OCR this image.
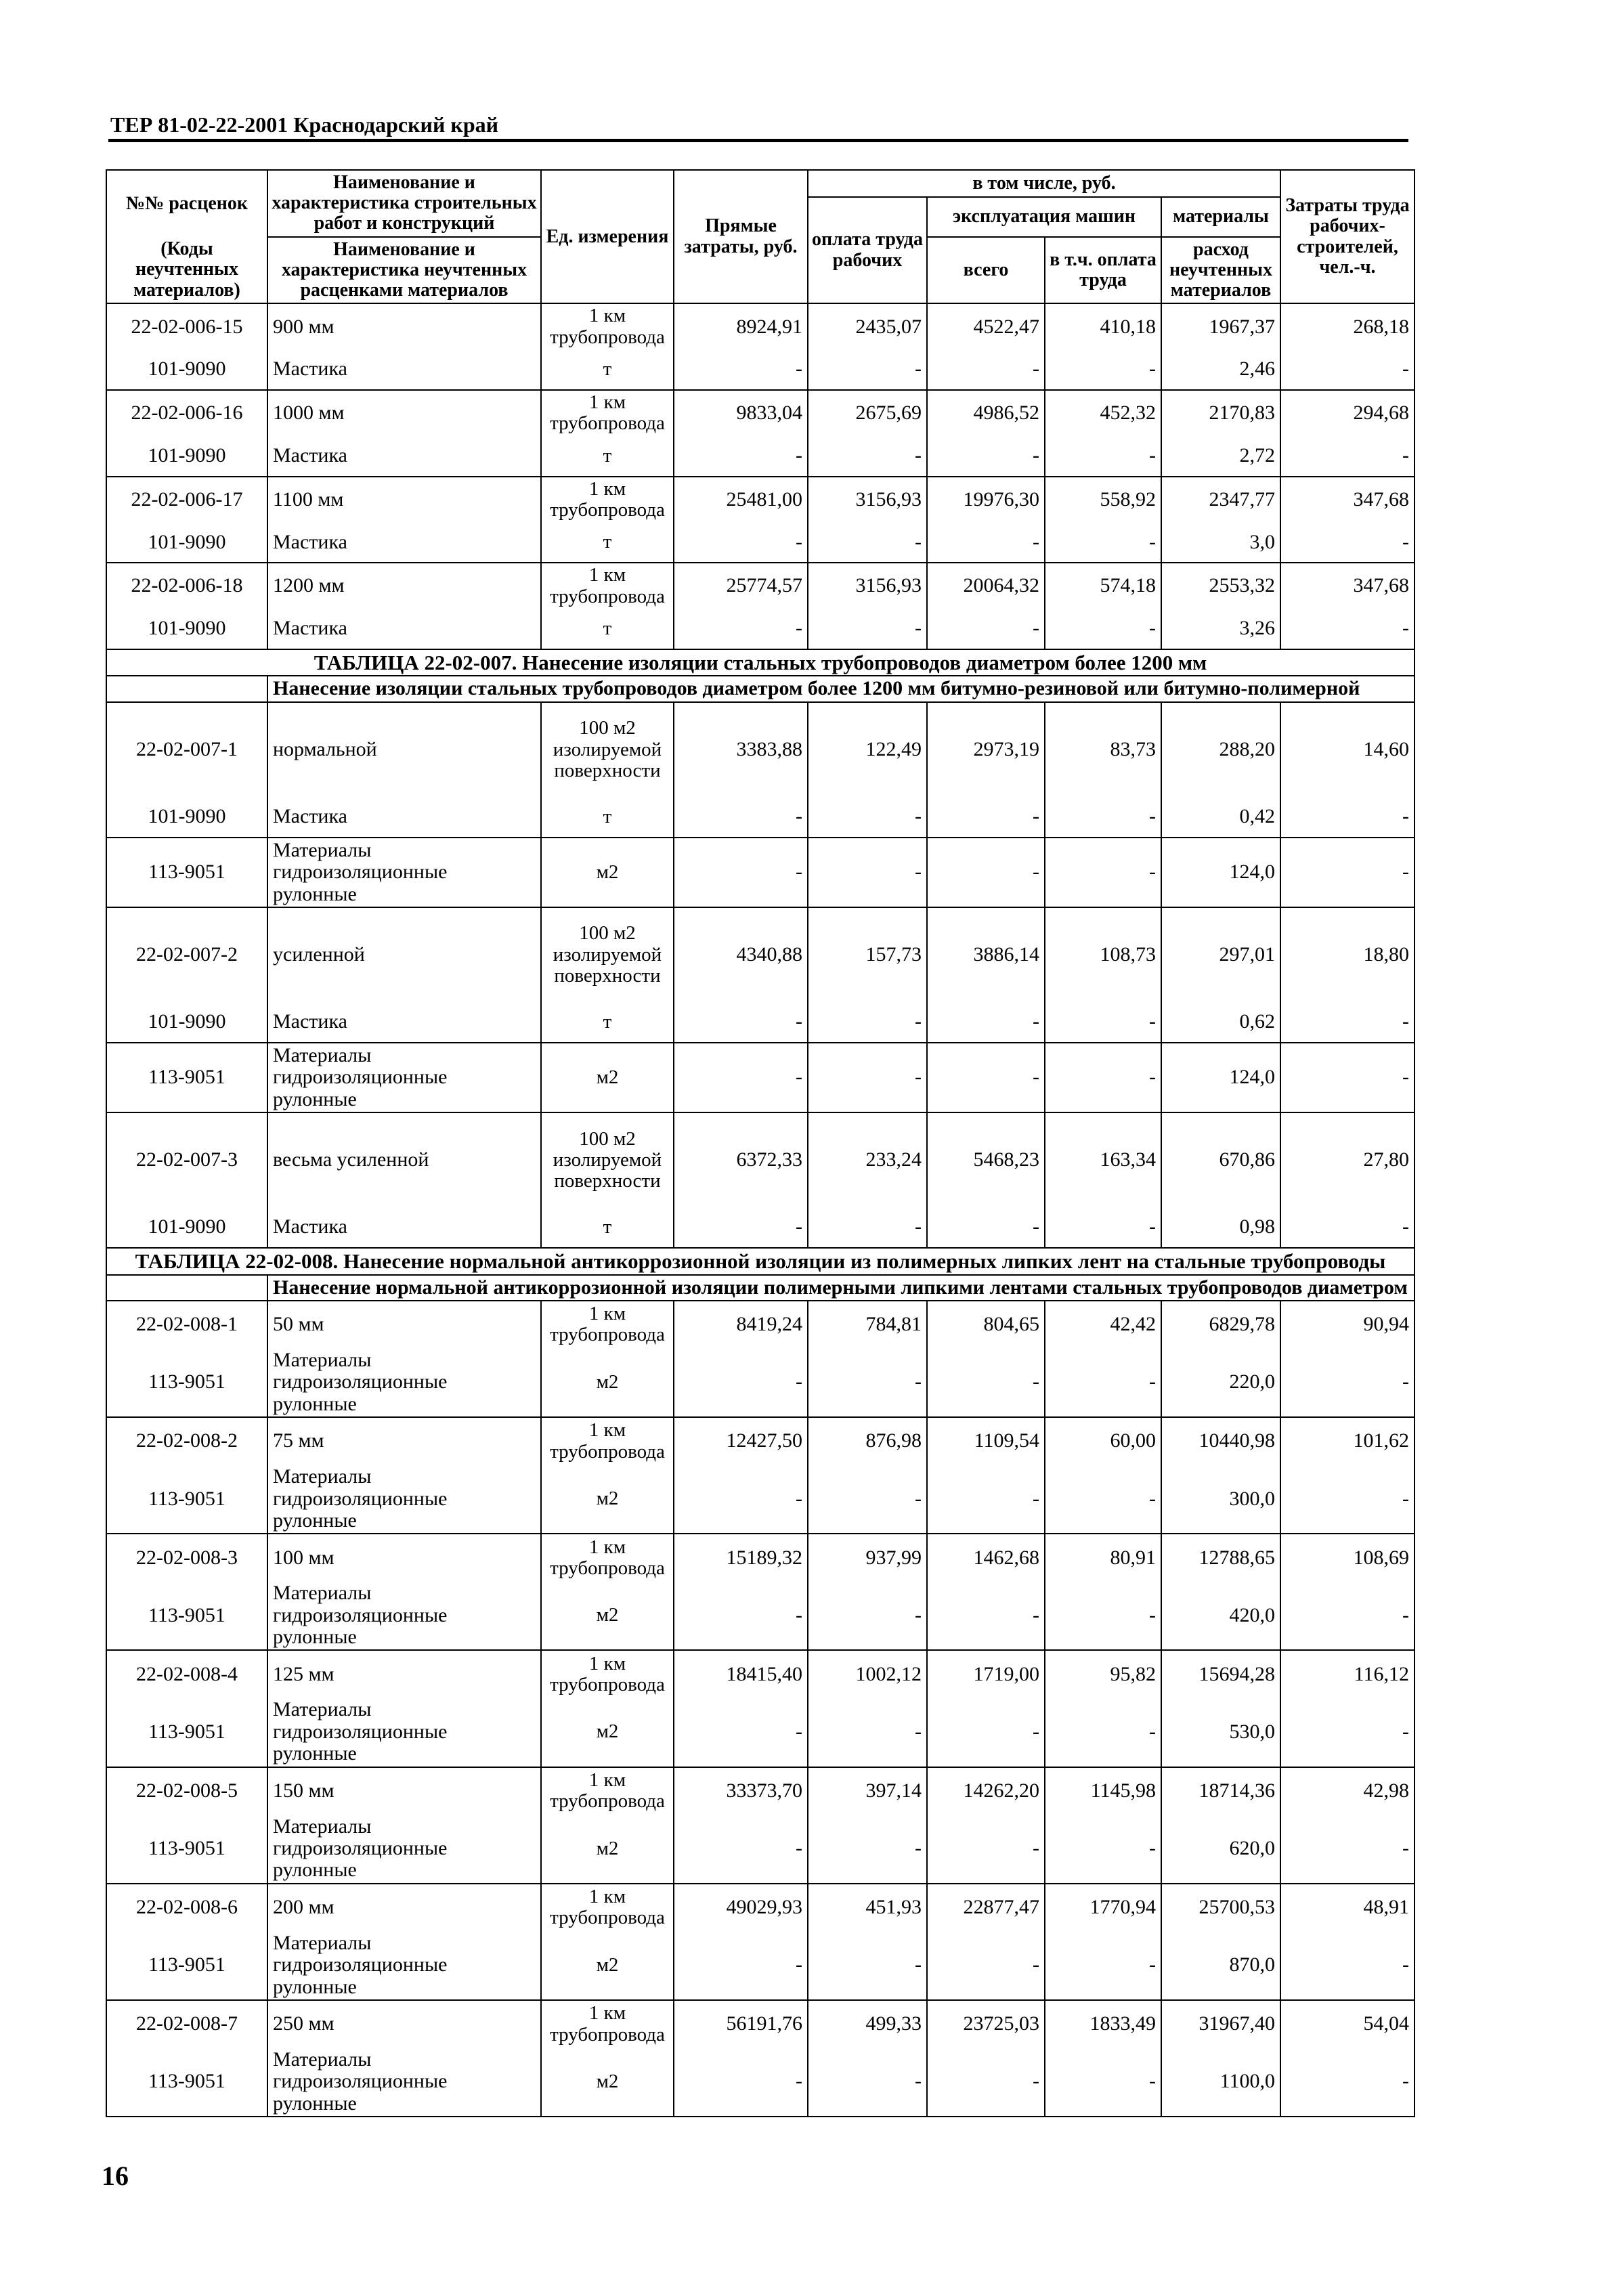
ТЕР 81-02-22-2001 Краснодарский край
№№ расценок	Наименование и характеристика строительных работ и конструкций	Ед. измерения	Прямые затраты, руб.	в том числе, руб.				Затраты труда рабочих-строителей, чел.-ч.
				оплата труда рабочих	эксплуатация машин		материалы	
(Коды неучтенных материалов)	Наименование и характеристика неучтенных расценками материалов				всего	в т.ч. оплата труда	расход неучтенных материалов	

22-02-006-15	900 мм	1 км трубопровода	8924,91	2435,07	4522,47	410,18	1967,37	268,18
101-9090	Мастика	т	-	-	-	-	2,46	-
22-02-006-16	1000 мм	1 км трубопровода	9833,04	2675,69	4986,52	452,32	2170,83	294,68
101-9090	Мастика	т	-	-	-	-	2,72	-
22-02-006-17	1100 мм	1 км трубопровода	25481,00	3156,93	19976,30	558,92	2347,77	347,68
101-9090	Мастика	т	-	-	-	-	3,0	-
22-02-006-18	1200 мм	1 км трубопровода	25774,57	3156,93	20064,32	574,18	2553,32	347,68
101-9090	Мастика	т	-	-	-	-	3,26	-
ТАБЛИЦА 22-02-007. Нанесение изоляции стальных трубопроводов диаметром более 1200 мм								
	Нанесение изоляции стальных трубопроводов диаметром более 1200 мм битумно-резиновой или битумно-полимерной							
22-02-007-1	нормальной	100 м2 изолируемой поверхности	3383,88	122,49	2973,19	83,73	288,20	14,60
101-9090	Мастика	т	-	-	-	-	0,42	-
113-9051	Материалы гидроизоляционные рулонные	м2	-	-	-	-	124,0	-
22-02-007-2	усиленной	100 м2 изолируемой поверхности	4340,88	157,73	3886,14	108,73	297,01	18,80
101-9090	Мастика	т	-	-	-	-	0,62	-
113-9051	Материалы гидроизоляционные рулонные	м2	-	-	-	-	124,0	-
22-02-007-3	весьма усиленной	100 м2 изолируемой поверхности	6372,33	233,24	5468,23	163,34	670,86	27,80
101-9090	Мастика	т	-	-	-	-	0,98	-
ТАБЛИЦА 22-02-008. Нанесение нормальной антикоррозионной изоляции из полимерных липких лент на стальные трубопроводы								
	Нанесение нормальной антикоррозионной изоляции полимерными липкими лентами стальных трубопроводов диаметром							
22-02-008-1	50 мм	1 км трубопровода	8419,24	784,81	804,65	42,42	6829,78	90,94
113-9051	Материалы гидроизоляционные рулонные	м2	-	-	-	-	220,0	-
22-02-008-2	75 мм	1 км трубопровода	12427,50	876,98	1109,54	60,00	10440,98	101,62
113-9051	Материалы гидроизоляционные рулонные	м2	-	-	-	-	300,0	-
22-02-008-3	100 мм	1 км трубопровода	15189,32	937,99	1462,68	80,91	12788,65	108,69
113-9051	Материалы гидроизоляционные рулонные	м2	-	-	-	-	420,0	-
22-02-008-4	125 мм	1 км трубопровода	18415,40	1002,12	1719,00	95,82	15694,28	116,12
113-9051	Материалы гидроизоляционные рулонные	м2	-	-	-	-	530,0	-
22-02-008-5	150 мм	1 км трубопровода	33373,70	397,14	14262,20	1145,98	18714,36	42,98
113-9051	Материалы гидроизоляционные рулонные	м2	-	-	-	-	620,0	-
22-02-008-6	200 мм	1 км трубопровода	49029,93	451,93	22877,47	1770,94	25700,53	48,91
113-9051	Материалы гидроизоляционные рулонные	м2	-	-	-	-	870,0	-
22-02-008-7	250 мм	1 км трубопровода	56191,76	499,33	23725,03	1833,49	31967,40	54,04
113-9051	Материалы гидроизоляционные рулонные	м2	-	-	-	-	1100,0	-
16
